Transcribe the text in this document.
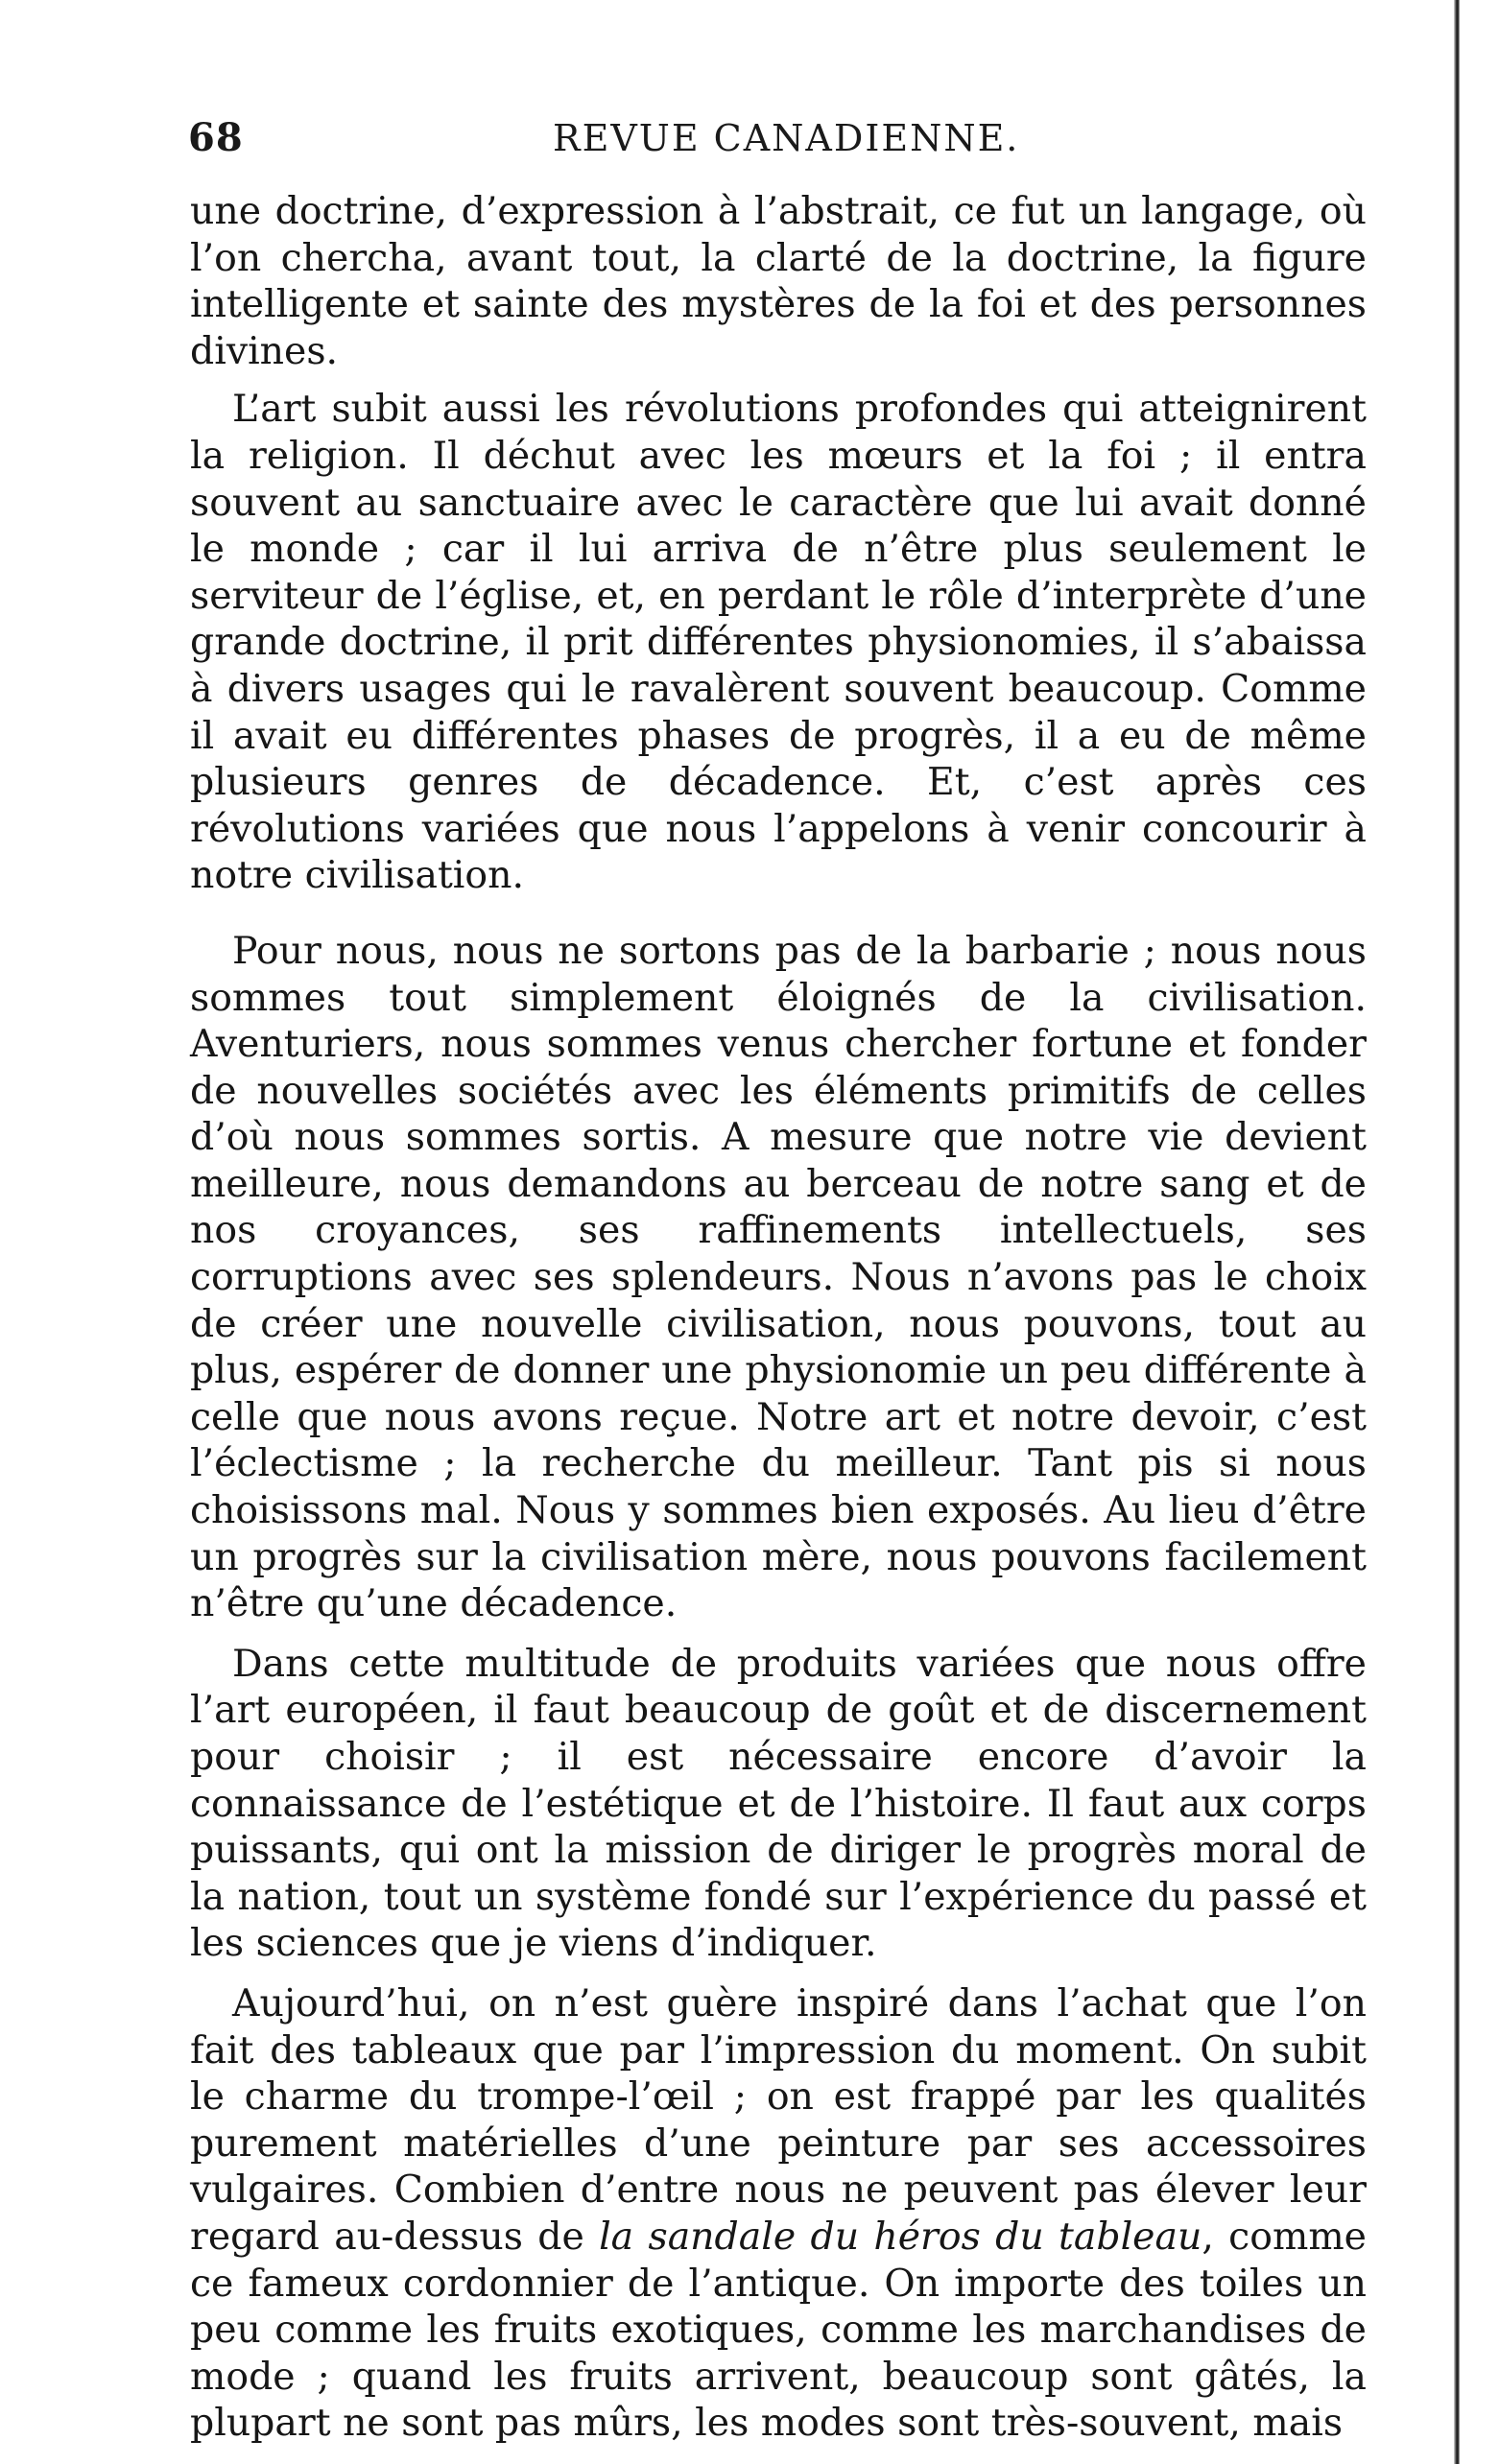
68	REVUE CANADIENNE.

une doctrine, d’expression à l’abstrait, ce fut un langage, où l’on chercha, avant tout, la clarté de la doctrine, la figure intelligente et sainte des mystères de la foi et des personnes divines.

L’art subit aussi les révolutions profondes qui atteignirent la religion. Il déchut avec les mœurs et la foi ; il entra souvent au sanctuaire avec le caractère que lui avait donné le monde ; car il lui arriva de n’être plus seulement le serviteur de l’église, et, en perdant le rôle d’interprète d’une grande doctrine, il prit différentes physionomies, il s’abaissa à divers usages qui le ravalèrent souvent beaucoup. Comme il avait eu différentes phases de progrès, il a eu de même plusieurs genres de décadence. Et, c’est après ces révolutions variées que nous l’appelons à venir concourir à notre civilisation.

Pour nous, nous ne sortons pas de la barbarie ; nous nous sommes tout simplement éloignés de la civilisation. Aventuriers, nous sommes venus chercher fortune et fonder de nouvelles sociétés avec les éléments primitifs de celles d’où nous sommes sortis. A mesure que notre vie devient meilleure, nous demandons au berceau de notre sang et de nos croyances, ses raffinements intellectuels, ses corruptions avec ses splendeurs. Nous n’avons pas le choix de créer une nouvelle civilisation, nous pouvons, tout au plus, espérer de donner une physionomie un peu différente à celle que nous avons reçue. Notre art et notre devoir, c’est l’éclectisme ; la recherche du meilleur. Tant pis si nous choisissons mal. Nous y sommes bien exposés. Au lieu d’être un progrès sur la civilisation mère, nous pouvons facilement n’être qu’une décadence.

Dans cette multitude de produits variées que nous offre l’art européen, il faut beaucoup de goût et de discernement pour choisir ; il est nécessaire encore d’avoir la connaissance de l’estétique et de l’histoire. Il faut aux corps puissants, qui ont la mission de diriger le progrès moral de la nation, tout un système fondé sur l’expérience du passé et les sciences que je viens d’indiquer.

Aujourd’hui, on n’est guère inspiré dans l’achat que l’on fait des tableaux que par l’impression du moment. On subit le charme du trompe-l’œil ; on est frappé par les qualités purement matérielles d’une peinture par ses accessoires vulgaires. Combien d’entre nous ne peuvent pas élever leur regard au-dessus de la sandale du héros du tableau, comme ce fameux cordonnier de l’antique. On importe des toiles un peu comme les fruits exotiques, comme les marchandises de mode ; quand les fruits arrivent, beaucoup sont gâtés, la plupart ne sont pas mûrs, les modes sont très-souvent, mais
